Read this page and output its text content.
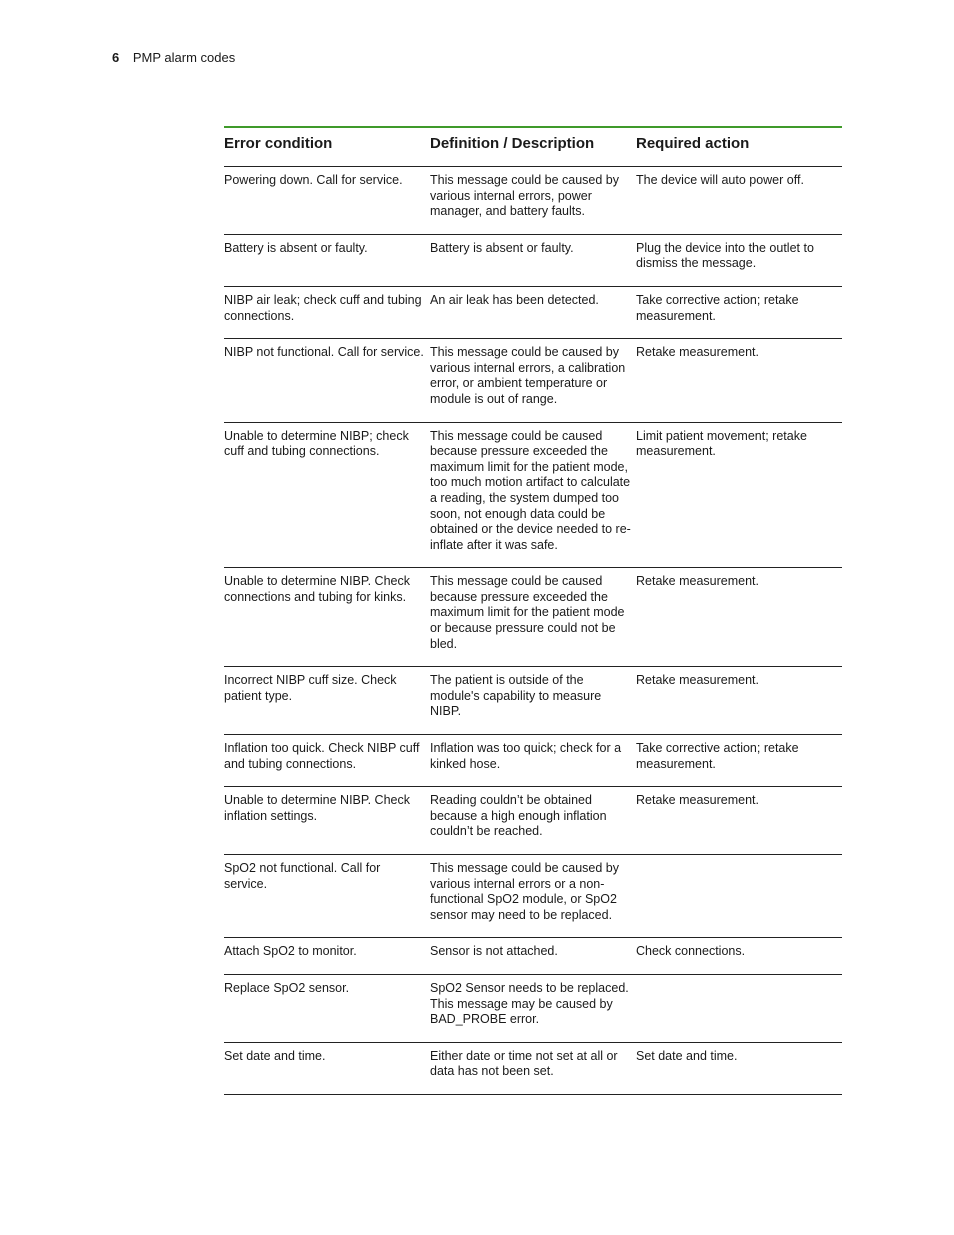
6 PMP alarm codes
Error condition	Definition / Description	Required action
Powering down. Call for service.	This message could be caused by various internal errors, power manager, and battery faults.	The device will auto power off.
Battery is absent or faulty.	Battery is absent or faulty.	Plug the device into the outlet to dismiss the message.
NIBP air leak; check cuff and tubing connections.	An air leak has been detected.	Take corrective action; retake measurement.
NIBP not functional. Call for service.	This message could be caused by various internal errors, a calibration error, or ambient temperature or module is out of range.	Retake measurement.
Unable to determine NIBP; check cuff and tubing connections.	This message could be caused because pressure exceeded the maximum limit for the patient mode, too much motion artifact to calculate a reading, the system dumped too soon, not enough data could be obtained or the device needed to re-inflate after it was safe.	Limit patient movement; retake measurement.
Unable to determine NIBP. Check connections and tubing for kinks.	This message could be caused because pressure exceeded the maximum limit for the patient mode or because pressure could not be bled.	Retake measurement.
Incorrect NIBP cuff size. Check patient type.	The patient is outside of the module's capability to measure NIBP.	Retake measurement.
Inflation too quick. Check NIBP cuff and tubing connections.	Inflation was too quick; check for a kinked hose.	Take corrective action; retake measurement.
Unable to determine NIBP. Check inflation settings.	Reading couldn’t be obtained because a high enough inflation couldn’t be reached.	Retake measurement.
SpO2 not functional. Call for service.	This message could be caused by various internal errors or a non-functional SpO2 module, or SpO2 sensor may need to be replaced.	
Attach SpO2 to monitor.	Sensor is not attached.	Check connections.
Replace SpO2 sensor.	SpO2 Sensor needs to be replaced. This message may be caused by BAD_PROBE error.	
Set date and time.	Either date or time not set at all or data has not been set.	Set date and time.
